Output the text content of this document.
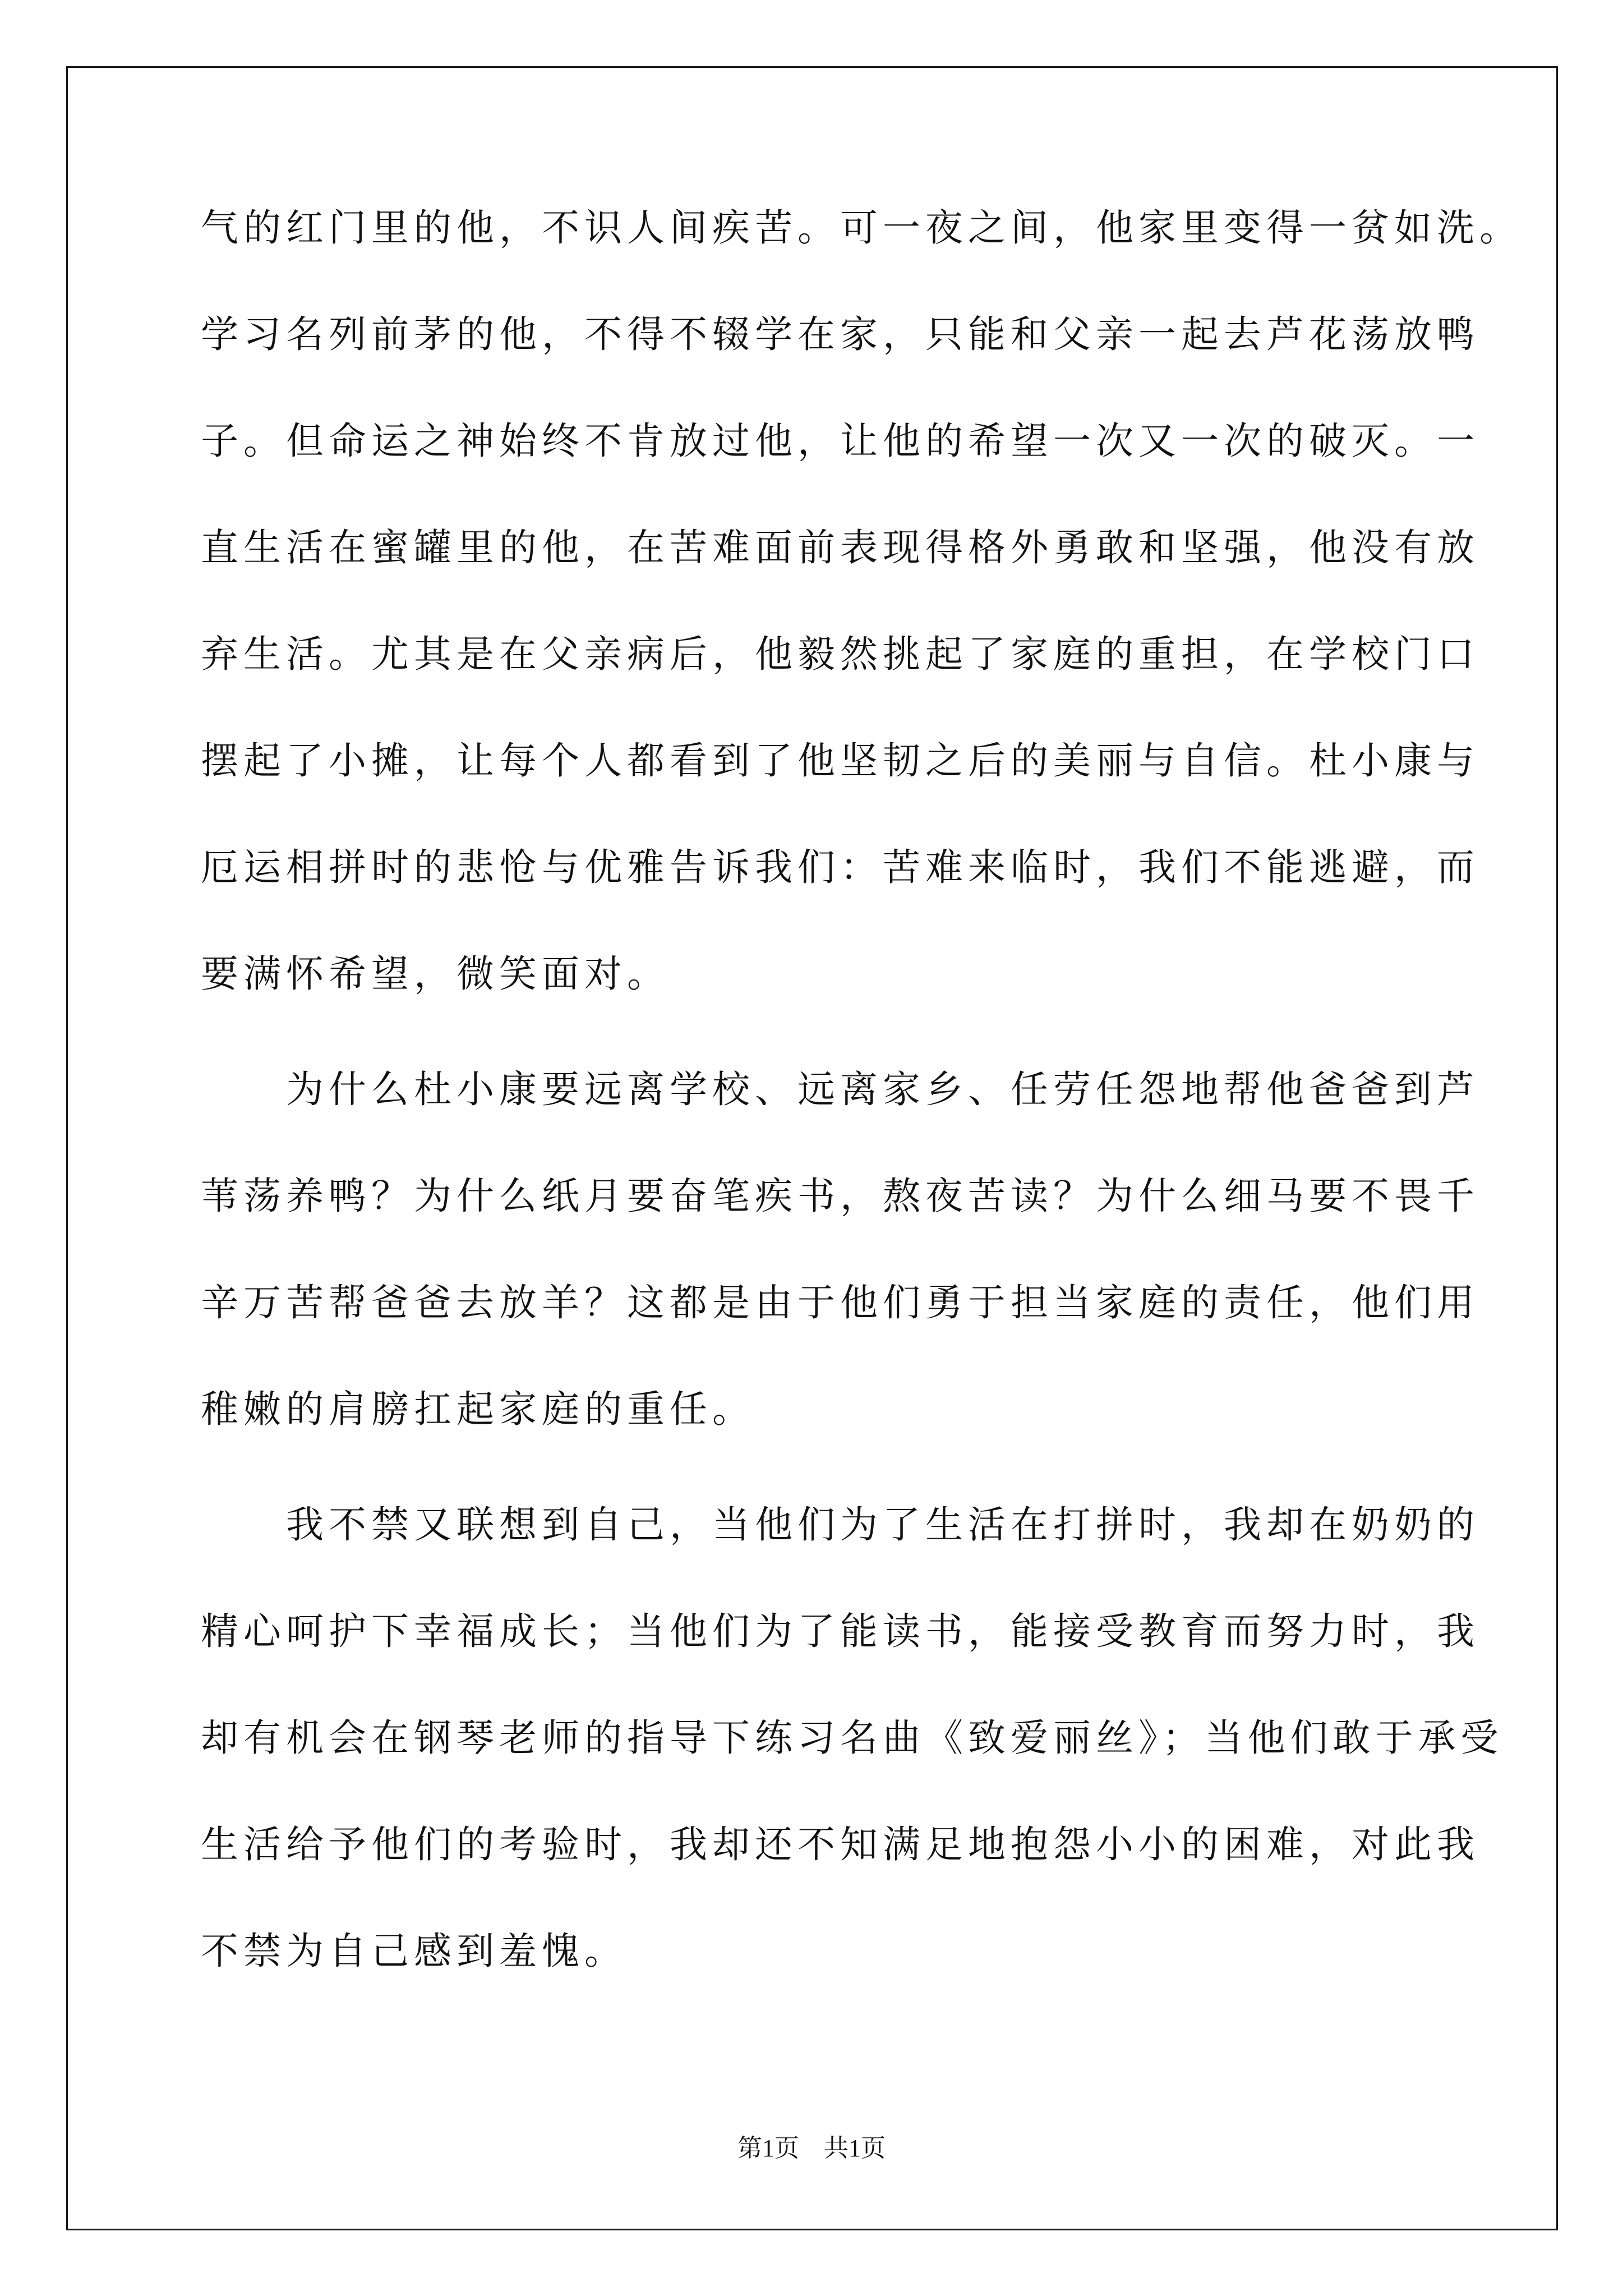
气的红门里的他，不识人间疾苦。可一夜之间，他家里变得一贫如洗。
学习名列前茅的他，不得不辍学在家，只能和父亲一起去芦花荡放鸭
子。但命运之神始终不肯放过他，让他的希望一次又一次的破灭。一
直生活在蜜罐里的他，在苦难面前表现得格外勇敢和坚强，他没有放
弃生活。尤其是在父亲病后，他毅然挑起了家庭的重担，在学校门口
摆起了小摊，让每个人都看到了他坚韧之后的美丽与自信。杜小康与
厄运相拼时的悲怆与优雅告诉我们：苦难来临时，我们不能逃避，而
要满怀希望，微笑面对。
　　为什么杜小康要远离学校、远离家乡、任劳任怨地帮他爸爸到芦
苇荡养鸭？为什么纸月要奋笔疾书，熬夜苦读？为什么细马要不畏千
辛万苦帮爸爸去放羊？这都是由于他们勇于担当家庭的责任，他们用
稚嫩的肩膀扛起家庭的重任。
　　我不禁又联想到自己，当他们为了生活在打拼时，我却在奶奶的
精心呵护下幸福成长；当他们为了能读书，能接受教育而努力时，我
却有机会在钢琴老师的指导下练习名曲《致爱丽丝》；当他们敢于承受
生活给予他们的考验时，我却还不知满足地抱怨小小的困难，对此我
不禁为自己感到羞愧。
第1页　共1页
